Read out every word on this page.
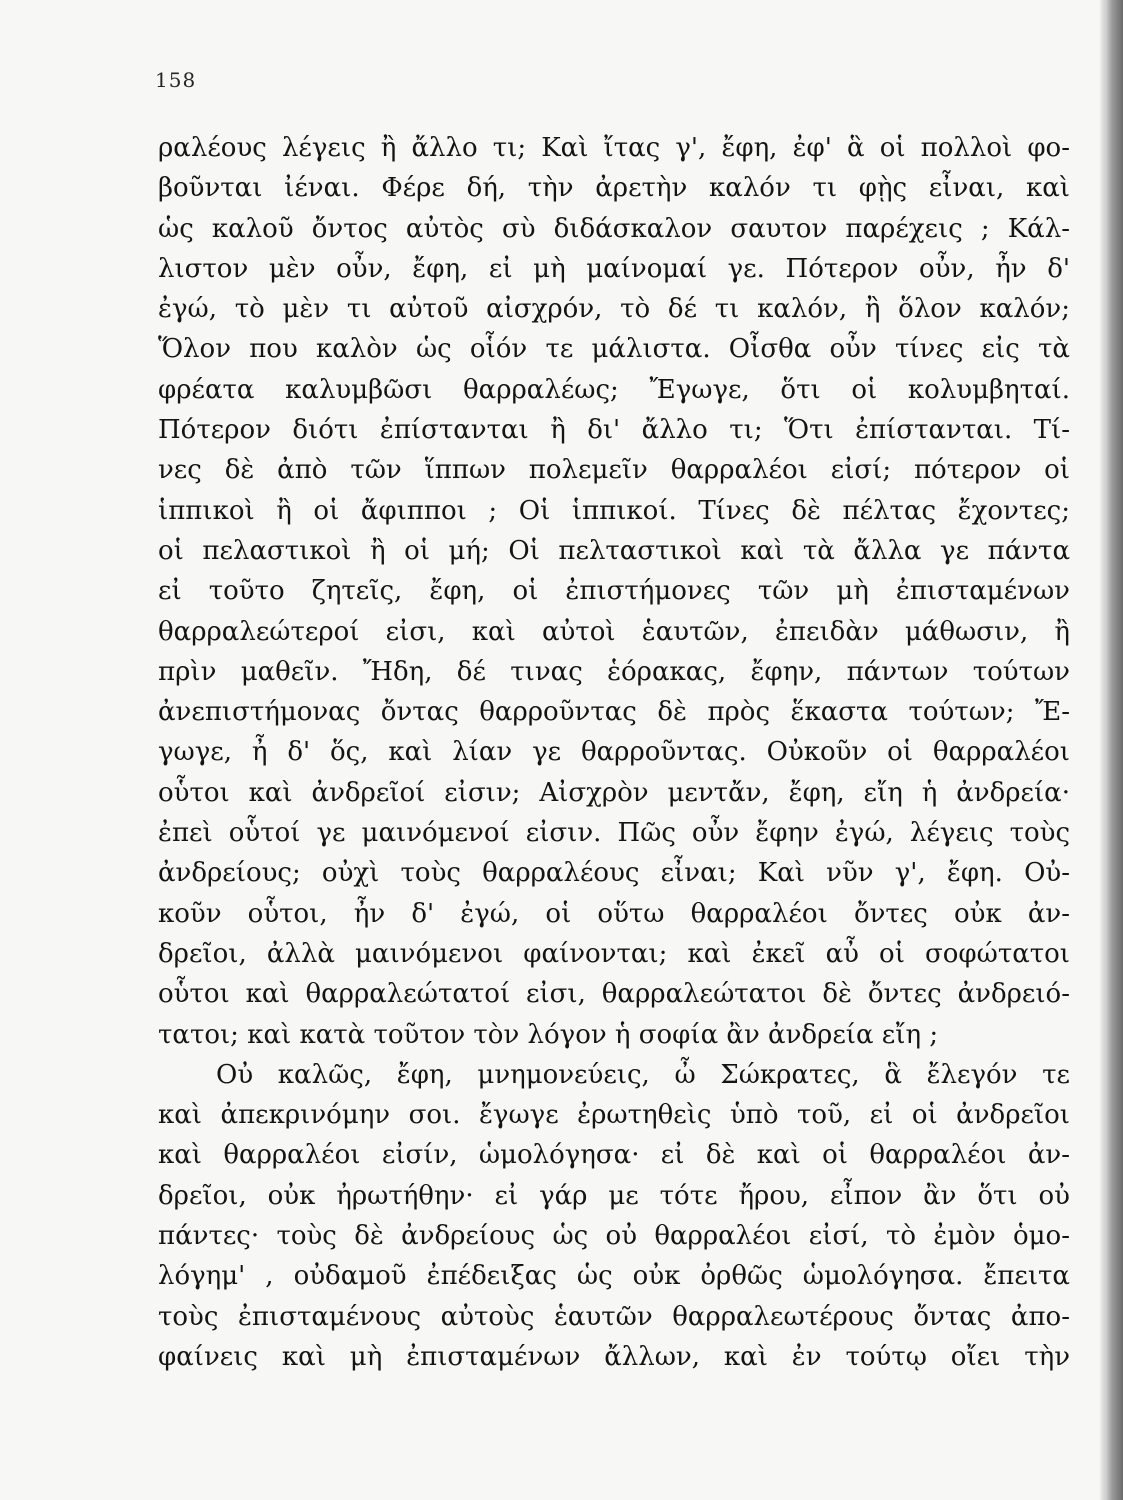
158
ραλέους λέγεις ἢ ἄλλο τι; Καὶ ἴτας γ', ἔφη, ἐφ' ἃ οἱ πολλοὶ φο-
βοῦνται ἰέναι. Φέρε δή, τὴν ἀρετὴν καλόν τι φῂς εἶναι, καὶ
ὡς καλοῦ ὄντος αὐτὸς σὺ διδάσκαλον σαυτον παρέχεις ; Κάλ-
λιστον μὲν οὖν, ἔφη, εἰ μὴ μαίνομαί γε. Πότερον οὖν, ἦν δ'
ἐγώ, τὸ μὲν τι αὐτοῦ αἰσχρόν, τὸ δέ τι καλόν, ἢ ὅλον καλόν;
Ὅλον που καλὸν ὡς οἷόν τε μάλιστα. Οἶσθα οὖν τίνες εἰς τὰ
φρέατα καλυμβῶσι θαρραλέως; Ἔγωγε, ὅτι οἱ κολυμβηταί.
Πότερον διότι ἐπίστανται ἢ δι' ἄλλο τι; Ὅτι ἐπίστανται. Τί-
νες δὲ ἀπὸ τῶν ἵππων πολεμεῖν θαρραλέοι εἰσί; πότερον οἱ
ἱππικοὶ ἢ οἱ ἄφιπποι ; Οἱ ἱππικοί. Τίνες δὲ πέλτας ἔχοντες;
οἱ πελαστικοὶ ἢ οἱ μή; Οἱ πελταστικοὶ καὶ τὰ ἄλλα γε πάντα
εἰ τοῦτο ζητεῖς, ἔφη, οἱ ἐπιστήμονες τῶν μὴ ἐπισταμένων
θαρραλεώτεροί εἰσι, καὶ αὐτοὶ ἑαυτῶν, ἐπειδὰν μάθωσιν, ἢ
πρὶν μαθεῖν. Ἤδη, δέ τινας ἑόρακας, ἔφην, πάντων τούτων
ἀνεπιστήμονας ὄντας θαρροῦντας δὲ πρὸς ἕκαστα τούτων; Ἔ-
γωγε, ἦ δ' ὅς, καὶ λίαν γε θαρροῦντας. Οὐκοῦν οἱ θαρραλέοι
οὗτοι καὶ ἀνδρεῖοί εἰσιν; Αἰσχρὸν μεντἄν, ἔφη, εἴη ἡ ἀνδρεία·
ἐπεὶ οὗτοί γε μαινόμενοί εἰσιν. Πῶς οὖν ἔφην ἐγώ, λέγεις τοὺς
ἀνδρείους; οὐχὶ τοὺς θαρραλέους εἶναι; Καὶ νῦν γ', ἔφη. Οὐ-
κοῦν οὗτοι, ἦν δ' ἐγώ, οἱ οὕτω θαρραλέοι ὄντες οὐκ ἀν-
δρεῖοι, ἀλλὰ μαινόμενοι φαίνονται; καὶ ἐκεῖ αὖ οἱ σοφώτατοι
οὗτοι καὶ θαρραλεώτατοί εἰσι, θαρραλεώτατοι δὲ ὄντες ἀνδρειό-
τατοι; καὶ κατὰ τοῦτον τὸν λόγον ἡ σοφία ἂν ἀνδρεία εἴη ;
Οὐ καλῶς, ἔφη, μνημονεύεις, ὦ Σώκρατες, ἃ ἔλεγόν τε
καὶ ἀπεκρινόμην σοι. ἔγωγε ἐρωτηθεὶς ὑπὸ τοῦ, εἰ οἱ ἀνδρεῖοι
καὶ θαρραλέοι εἰσίν, ὡμολόγησα· εἰ δὲ καὶ οἱ θαρραλέοι ἀν-
δρεῖοι, οὐκ ἠρωτήθην· εἰ γάρ με τότε ἤρου, εἶπον ἂν ὅτι οὐ
πάντες· τοὺς δὲ ἀνδρείους ὡς οὐ θαρραλέοι εἰσί, τὸ ἐμὸν ὁμο-
λόγημ' , οὐδαμοῦ ἐπέδειξας ὡς οὐκ ὀρθῶς ὡμολόγησα. ἔπειτα
τοὺς ἐπισταμένους αὐτοὺς ἑαυτῶν θαρραλεωτέρους ὄντας ἀπο-
φαίνεις καὶ μὴ ἐπισταμένων ἄλλων, καὶ ἐν τούτῳ οἴει τὴν
